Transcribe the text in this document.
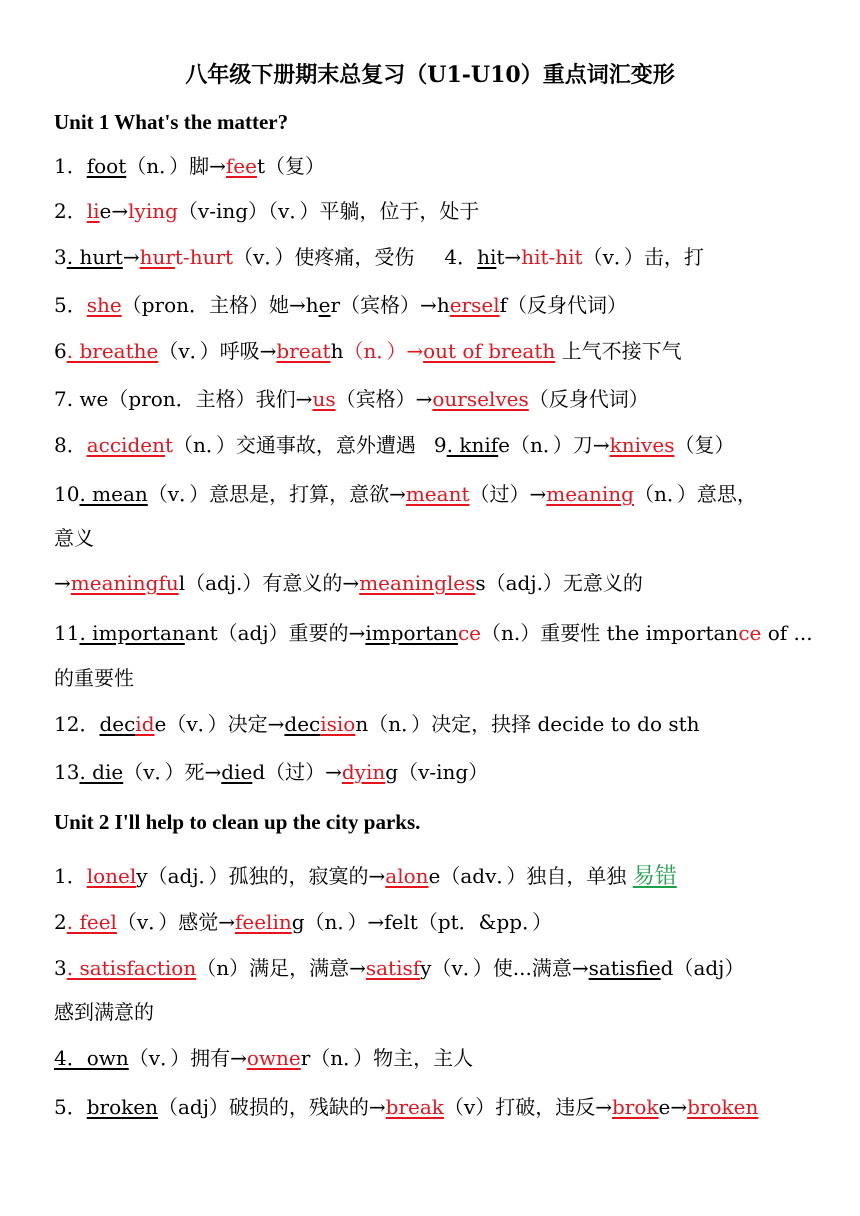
八年级下册期末总复习（U1-U10）重点词汇变形
Unit 1 What's the matter?
1．foot（n．）脚→feet（复）
2．lie→lying（v-ing）（v．）平躺，位于，处于
3. hurt→hurt-hurt（v．）使疼痛，受伤 4．hit→hit-hit（v．）击，打
5．she（pron．主格）她→her（宾格）→herself（反身代词）
6. breathe（v．）呼吸→breath（n．）→out of breath 上气不接下气
7. we（pron．主格）我们→us（宾格）→ourselves（反身代词）
8．accident（n．）交通事故，意外遭遇 9. knife（n．）刀→knives（复）
10. mean（v．）意思是，打算，意欲→meant（过）→meaning（n．）意思，
意义
→meaningful（adj.）有意义的→meaningless（adj.）无意义的
11. importanant（adj）重要的→importance（n.）重要性 the importance of ...
的重要性
12．decide（v．）决定→decision（n．）决定，抉择 decide to do sth
13. die（v．）死→died（过）→dying（v-ing）
Unit 2 I'll help to clean up the city parks.
1．lonely（adj．）孤独的，寂寞的→alone（adv．）独自，单独 易错
2. feel（v．）感觉→feeling（n．）→felt（pt．&pp．）
3. satisfaction（n）满足，满意→satisfy（v．）使...满意→satisfied（adj）
感到满意的
4．own（v．）拥有→owner（n．）物主，主人
5．broken（adj）破损的，残缺的→break（v）打破，违反→broke→broken
